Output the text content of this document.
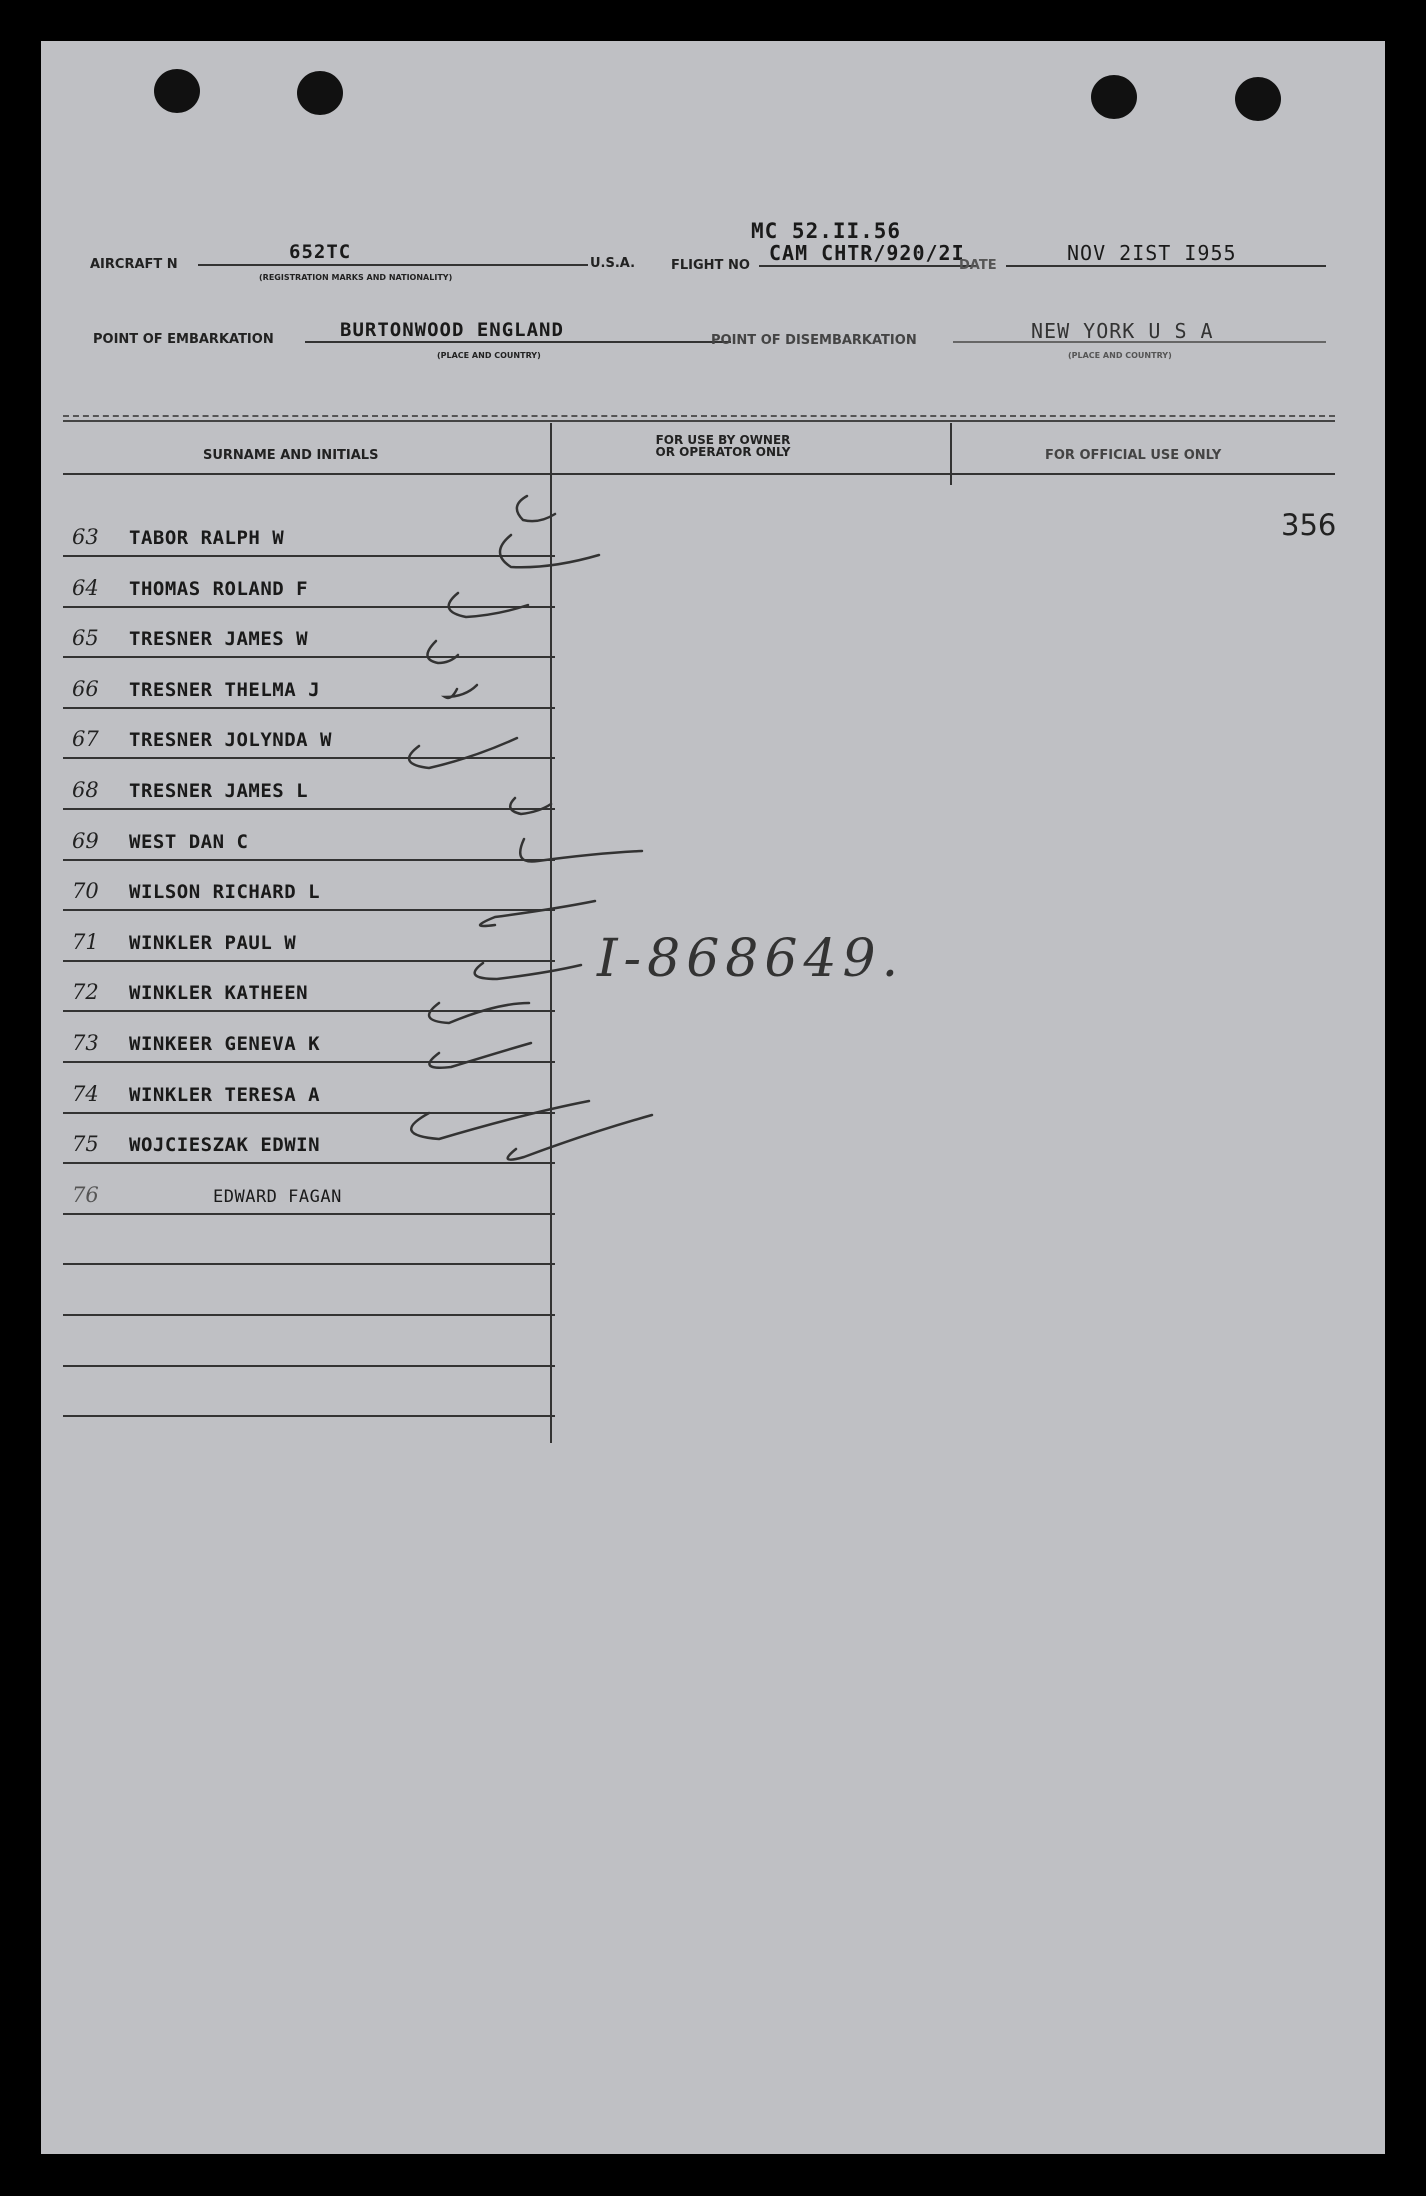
MC 52.II.56
AIRCRAFT N
652TC
(REGISTRATION MARKS AND NATIONALITY)
U.S.A.	FLIGHT NO
CAM CHTR/920/2I
DATE
NOV 2IST I955
POINT OF EMBARKATION	BURTONWOOD ENGLAND
(PLACE AND COUNTRY)
POINT OF DISEMBARKATION	NEW YORK U S A
(PLACE AND COUNTRY)
SURNAME AND INITIALS
FOR USE BY OWNER OR OPERATOR ONLY	FOR OFFICIAL USE ONLY
356
63 TABOR RALPH W
64 THOMAS ROLAND F
65 TRESNER JAMES W
66 TRESNER THELMA J
67 TRESNER JOLYNDA W
68 TRESNER JAMES L
69 WEST DAN C
70 WILSON RICHARD L
71 WINKLER PAUL W
72 WINKLER KATHEEN
73 WINKEER GENEVA K
74 WINKLER TERESA A
75 WOJCIESZAK EDWIN
76	EDWARD FAGAN
I-868649.
